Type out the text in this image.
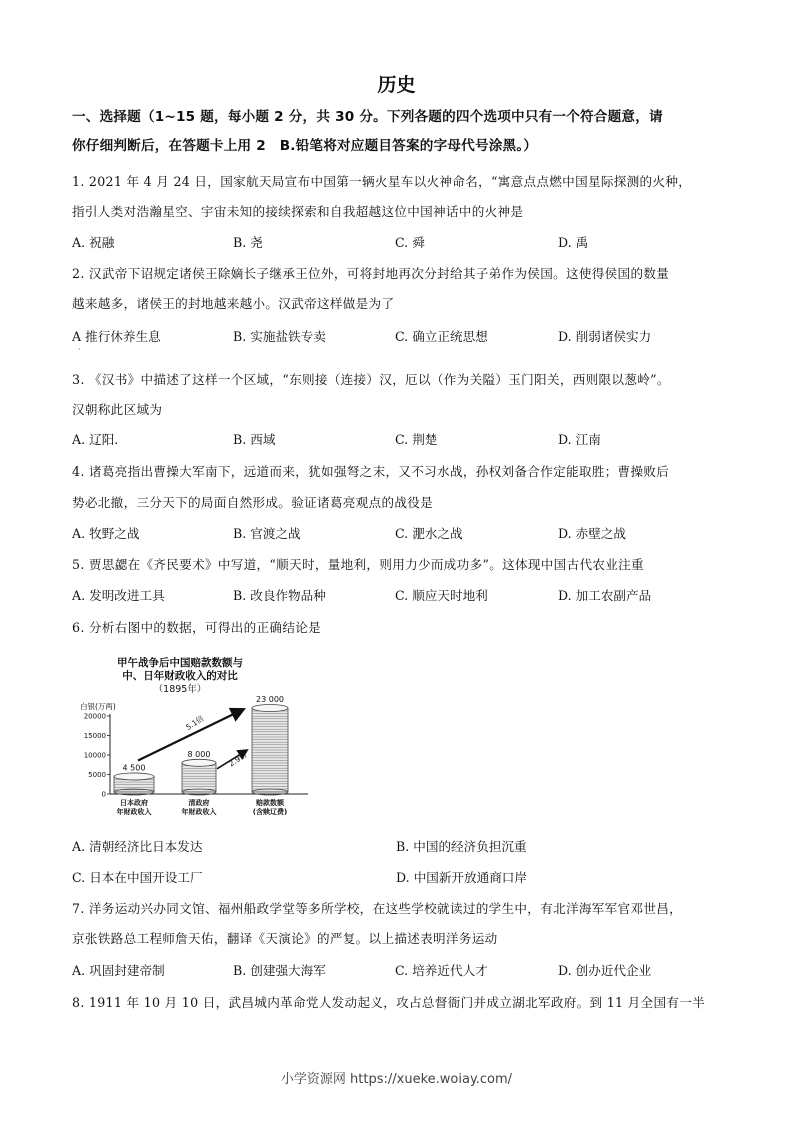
历史
一、选择题（1~15 题，每小题 2 分，共 30 分。下列各题的四个选项中只有一个符合题意，请
你仔细判断后，在答题卡上用 2　B.铅笔将对应题目答案的字母代号涂黑。）
1. 2021 年 4 月 24 日，国家航天局宣布中国第一辆火星车以火神命名，“寓意点点燃中国星际探测的火种，
指引人类对浩瀚星空、宇宙未知的接续探索和自我超越这位中国神话中的火神是
A. 祝融	B. 尧	C. 舜	D. 禹
2. 汉武帝下诏规定诸侯王除嫡长子继承王位外，可将封地再次分封给其子弟作为侯国。这使得侯国的数量
越来越多，诸侯王的封地越来越小。汉武帝这样做是为了
A 推行休养生息	B. 实施盐铁专卖	C. 确立正统思想	D. 削弱诸侯实力
·
3. 《汉书》中描述了这样一个区域，“东则接（连接）汉，厄以（作为关隘）玉门阳关，西则限以葱岭”。
汉朝称此区域为
A. 辽阳.	B. 西域	C. 荆楚	D. 江南
4. 诸葛亮指出曹操大军南下，远道而来，犹如强弩之末，又不习水战，孙权刘备合作定能取胜；曹操败后
势必北撤，三分天下的局面自然形成。验证诸葛亮观点的战役是
A. 牧野之战	B. 官渡之战	C. 淝水之战	D. 赤壁之战
5. 贾思勰在《齐民要术》中写道，“顺天时，量地利，则用力少而成功多”。这体现中国古代农业注重
A. 发明改进工具	B. 改良作物品种	C. 顺应天时地利	D. 加工农副产品
6. 分析右图中的数据，可得出的正确结论是
甲午战争后中国赔款数额与
中、日年财政收入的对比
（1895年）
白银(万两)
0
5000
10000
15000
20000
4 500
日本政府
年财政收入
8 000
清政府
年财政收入
23 000
赔款数额
(含赎辽费)
5.1倍
2.9倍
A. 清朝经济比日本发达	B. 中国的经济负担沉重
C. 日本在中国开设工厂	D. 中国新开放通商口岸
7. 洋务运动兴办同文馆、福州船政学堂等多所学校，在这些学校就读过的学生中，有北洋海军军官邓世昌，
京张铁路总工程师詹天佑，翻译《天演论》的严复。以上描述表明洋务运动
A. 巩固封建帝制	B. 创建强大海军	C. 培养近代人才	D. 创办近代企业
8. 1911 年 10 月 10 日，武昌城内革命党人发动起义，攻占总督衙门并成立湖北军政府。到 11 月全国有一半
小学资源网 https://xueke.woiay.com/
